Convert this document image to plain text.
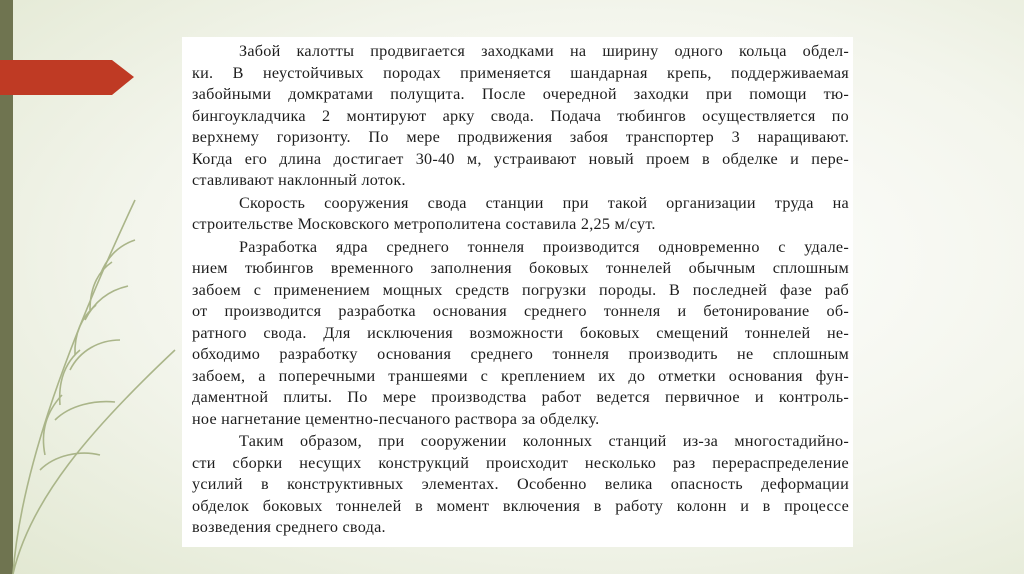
Забой калотты продвигается заходками на ширину одного кольца обдел-
ки. В неустойчивых породах применяется шандарная крепь, поддерживаемая
забойными домкратами полущита. После очередной заходки при помощи тю-
бингоукладчика 2 монтируют арку свода. Подача тюбингов осуществляется по
верхнему горизонту. По мере продвижения забоя транспортер 3 наращивают.
Когда его длина достигает 30-40 м, устраивают новый проем в обделке и пере-
ставливают наклонный лоток.

Скорость сооружения свода станции при такой организации труда на
строительстве Московского метрополитена составила 2,25 м/сут.

Разработка ядра среднего тоннеля производится одновременно с удале-
нием тюбингов временного заполнения боковых тоннелей обычным сплошным
забоем с применением мощных средств погрузки породы. В последней фазе раб
от производится разработка основания среднего тоннеля и бетонирование об-
ратного свода. Для исключения возможности боковых смещений тоннелей не-
обходимо разработку основания среднего тоннеля производить не сплошным
забоем, а поперечными траншеями с креплением их до отметки основания фун-
даментной плиты. По мере производства работ ведется первичное и контроль-
ное нагнетание цементно-песчаного раствора за обделку.

Таким образом, при сооружении колонных станций из-за многостадийно-
сти сборки несущих конструкций происходит несколько раз перераспределение
усилий в конструктивных элементах. Особенно велика опасность деформации
обделок боковых тоннелей в момент включения в работу колонн и в процессе
возведения среднего свода.
